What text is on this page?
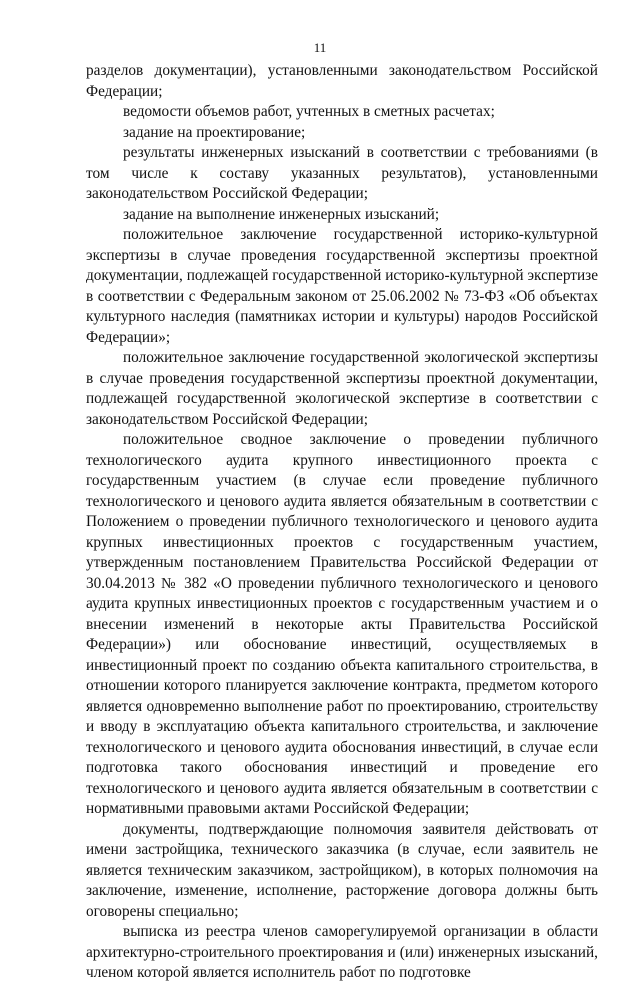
11

разделов документации), установленными законодательством Российской Федерации;

ведомости объемов работ, учтенных в сметных расчетах;

задание на проектирование;

результаты инженерных изысканий в соответствии с требованиями (в том числе к составу указанных результатов), установленными законодательством Российской Федерации;

задание на выполнение инженерных изысканий;

положительное заключение государственной историко-культурной экспертизы в случае проведения государственной экспертизы проектной документации, подлежащей государственной историко-культурной экспертизе в соответствии с Федеральным законом от 25.06.2002 № 73-ФЗ «Об объектах культурного наследия (памятниках истории и культуры) народов Российской Федерации»;

положительное заключение государственной экологической экспертизы в случае проведения государственной экспертизы проектной документации, подлежащей государственной экологической экспертизе в соответствии с законодательством Российской Федерации;

положительное сводное заключение о проведении публичного технологического аудита крупного инвестиционного проекта с государственным участием (в случае если проведение публичного технологического и ценового аудита является обязательным в соответствии с Положением о проведении публичного технологического и ценового аудита крупных инвестиционных проектов с государственным участием, утвержденным постановлением Правительства Российской Федерации от 30.04.2013 № 382 «О проведении публичного технологического и ценового аудита крупных инвестиционных проектов с государственным участием и о внесении изменений в некоторые акты Правительства Российской Федерации») или обоснование инвестиций, осуществляемых в инвестиционный проект по созданию объекта капитального строительства, в отношении которого планируется заключение контракта, предметом которого является одновременно выполнение работ по проектированию, строительству и вводу в эксплуатацию объекта капитального строительства, и заключение технологического и ценового аудита обоснования инвестиций, в случае если подготовка такого обоснования инвестиций и проведение его технологического и ценового аудита является обязательным в соответствии с нормативными правовыми актами Российской Федерации;

документы, подтверждающие полномочия заявителя действовать от имени застройщика, технического заказчика (в случае, если заявитель не является техническим заказчиком, застройщиком), в которых полномочия на заключение, изменение, исполнение, расторжение договора должны быть оговорены специально;

выписка из реестра членов саморегулируемой организации в области архитектурно-строительного проектирования и (или) инженерных изысканий, членом которой является исполнитель работ по подготовке
